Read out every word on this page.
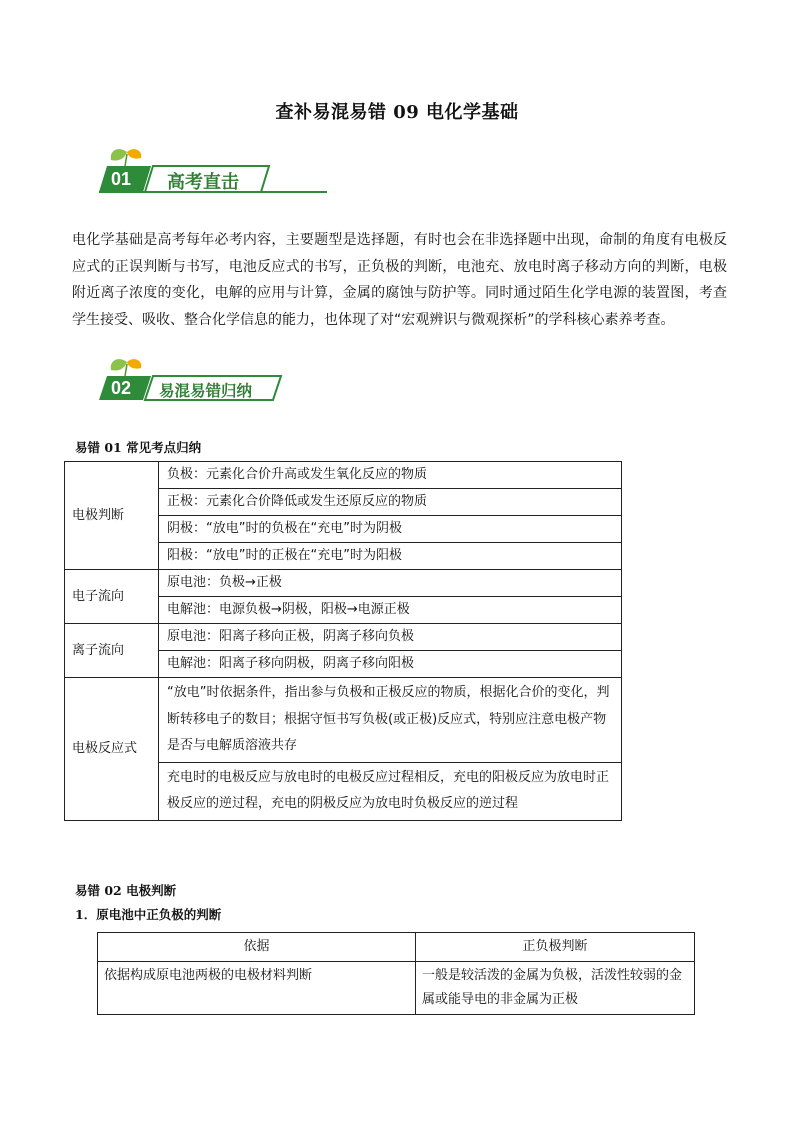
查补易混易错 09 电化学基础
01 高考直击
电化学基础是高考每年必考内容，主要题型是选择题，有时也会在非选择题中出现，命制的角度有电极反应式的正误判断与书写，电池反应式的书写，正负极的判断，电池充、放电时离子移动方向的判断，电极附近离子浓度的变化，电解的应用与计算，金属的腐蚀与防护等。同时通过陌生化学电源的装置图，考查学生接受、吸收、整合化学信息的能力，也体现了对“宏观辨识与微观探析”的学科核心素养考查。
02 易混易错归纳
易错 01 常见考点归纳
电极判断	负极：元素化合价升高或发生氧化反应的物质
	正极：元素化合价降低或发生还原反应的物质
	阴极：“放电”时的负极在“充电”时为阴极
	阳极：“放电”时的正极在“充电”时为阳极
电子流向	原电池：负极→正极
	电解池：电源负极→阴极，阳极→电源正极
离子流向	原电池：阳离子移向正极，阴离子移向负极
	电解池：阳离子移向阴极，阴离子移向阳极
电极反应式	“放电”时依据条件，指出参与负极和正极反应的物质，根据化合价的变化，判断转移电子的数目；根据守恒书写负极(或正极)反应式，特别应注意电极产物是否与电解质溶液共存
	充电时的电极反应与放电时的电极反应过程相反，充电的阳极反应为放电时正极反应的逆过程，充电的阴极反应为放电时负极反应的逆过程
易错 02 电极判断
1．原电池中正负极的判断
依据	正负极判断
依据构成原电池两极的电极材料判断	一般是较活泼的金属为负极，活泼性较弱的金属或能导电的非金属为正极
